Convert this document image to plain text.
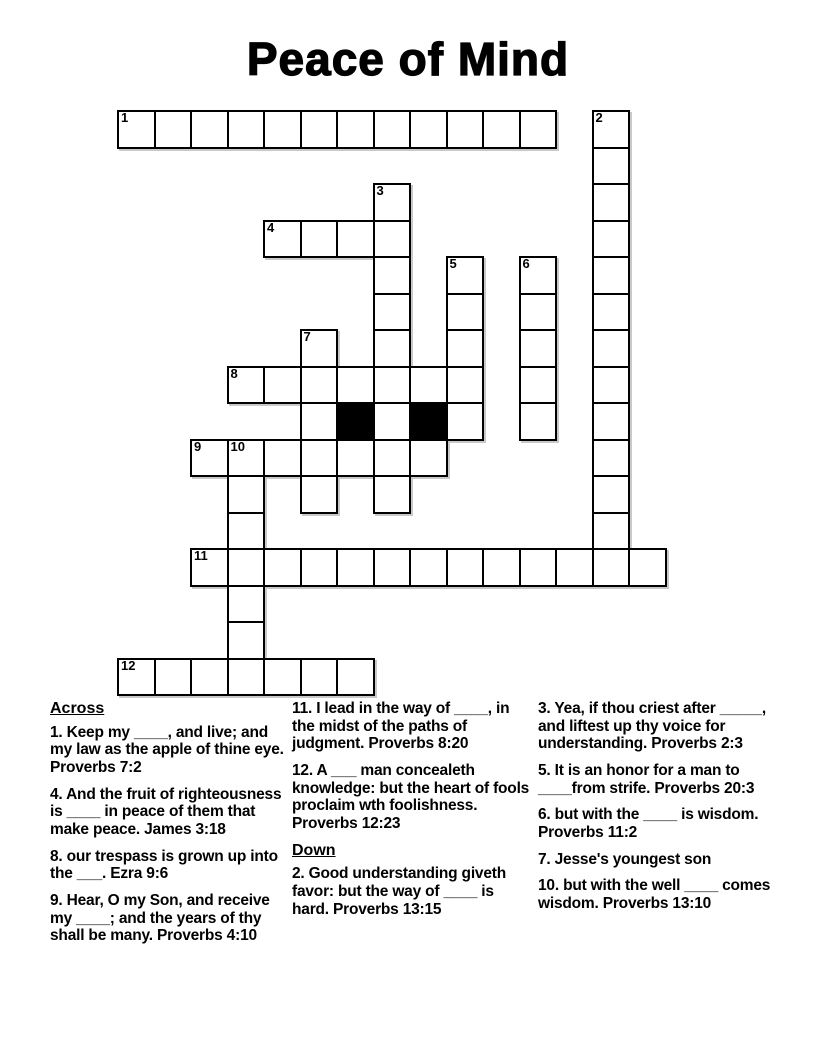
Peace of Mind
1	2
3
4
5	6
7
8
9 10
11
12
Across

1. Keep my ____, and live; and my law as the apple of thine eye. Proverbs 7:2

4. And the fruit of righteousness is ____ in peace of them that make peace. James 3:18

8. our trespass is grown up into the ___. Ezra 9:6

9. Hear, O my Son, and receive my ____; and the years of thy shall be many. Proverbs 4:10

11. I lead in the way of ____, in the midst of the paths of judgment. Proverbs 8:20

12. A ___ man concealeth knowledge: but the heart of fools proclaim wth foolishness. Proverbs 12:23

Down

2. Good understanding giveth favor: but the way of ____ is hard. Proverbs 13:15

3. Yea, if thou criest after _____, and liftest up thy voice for understanding. Proverbs 2:3

5. It is an honor for a man to ____from strife. Proverbs 20:3

6. but with the ____ is wisdom. Proverbs 11:2

7. Jesse's youngest son

10. but with the well ____ comes wisdom. Proverbs 13:10
